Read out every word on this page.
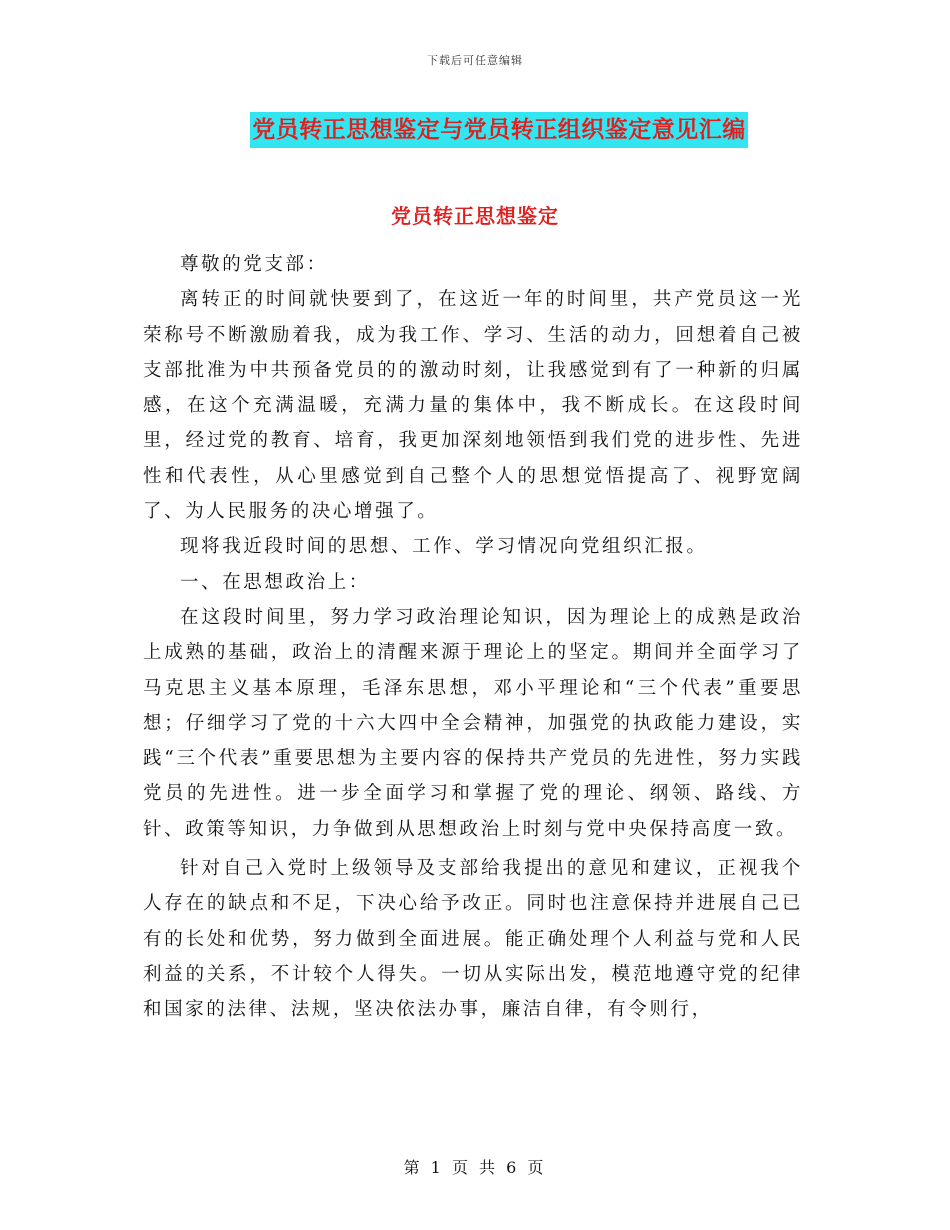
下载后可任意编辑
党员转正思想鉴定与党员转正组织鉴定意见汇编
党员转正思想鉴定

尊敬的党支部：

离转正的时间就快要到了，在这近一年的时间里，共产党员这一光荣称号不断激励着我，成为我工作、学习、生活的动力，回想着自己被支部批准为中共预备党员的的激动时刻，让我感觉到有了一种新的归属感，在这个充满温暖，充满力量的集体中，我不断成长。在这段时间里，经过党的教育、培育，我更加深刻地领悟到我们党的进步性、先进性和代表性，从心里感觉到自己整个人的思想觉悟提高了、视野宽阔了、为人民服务的决心增强了。

现将我近段时间的思想、工作、学习情况向党组织汇报。

一、在思想政治上：

在这段时间里，努力学习政治理论知识，因为理论上的成熟是政治上成熟的基础，政治上的清醒来源于理论上的坚定。期间并全面学习了马克思主义基本原理，毛泽东思想，邓小平理论和“三个代表”重要思想；仔细学习了党的十六大四中全会精神，加强党的执政能力建设，实践“三个代表”重要思想为主要内容的保持共产党员的先进性，努力实践党员的先进性。进一步全面学习和掌握了党的理论、纲领、路线、方针、政策等知识，力争做到从思想政治上时刻与党中央保持高度一致。

针对自己入党时上级领导及支部给我提出的意见和建议，正视我个人存在的缺点和不足，下决心给予改正。同时也注意保持并进展自己已有的长处和优势，努力做到全面进展。能正确处理个人利益与党和人民利益的关系，不计较个人得失。一切从实际出发，模范地遵守党的纪律和国家的法律、法规，坚决依法办事，廉洁自律，有令则行，

第 1 页 共 6 页
